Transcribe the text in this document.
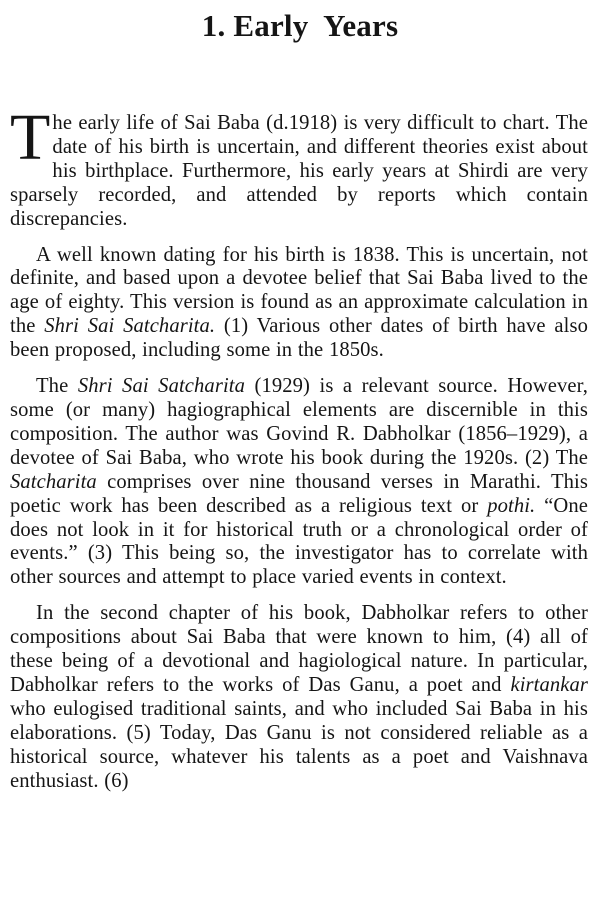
1. Early  Years

The early life of Sai Baba (d.1918) is very difficult to chart. The date of his birth is uncertain, and different theories exist about his birthplace. Furthermore, his early years at Shirdi are very sparsely recorded, and attended by reports which contain discrepancies.

A well known dating for his birth is 1838. This is uncertain, not definite, and based upon a devotee belief that Sai Baba lived to the age of eighty. This version is found as an approximate calculation in the Shri Sai Satcharita. (1) Various other dates of birth have also been proposed, including some in the 1850s.

The Shri Sai Satcharita (1929) is a relevant source. However, some (or many) hagiographical elements are discernible in this composition. The author was Govind R. Dabholkar (1856–1929), a devotee of Sai Baba, who wrote his book during the 1920s. (2) The Satcharita comprises over nine thousand verses in Marathi. This poetic work has been described as a religious text or pothi. “One does not look in it for historical truth or a chronological order of events.” (3) This being so, the investigator has to correlate with other sources and attempt to place varied events in context.

In the second chapter of his book, Dabholkar refers to other compositions about Sai Baba that were known to him, (4) all of these being of a devotional and hagiological nature. In particular, Dabholkar refers to the works of Das Ganu, a poet and kirtankar who eulogised traditional saints, and who included Sai Baba in his elaborations. (5) Today, Das Ganu is not considered reliable as a historical source, whatever his talents as a poet and Vaishnava enthusiast. (6)
